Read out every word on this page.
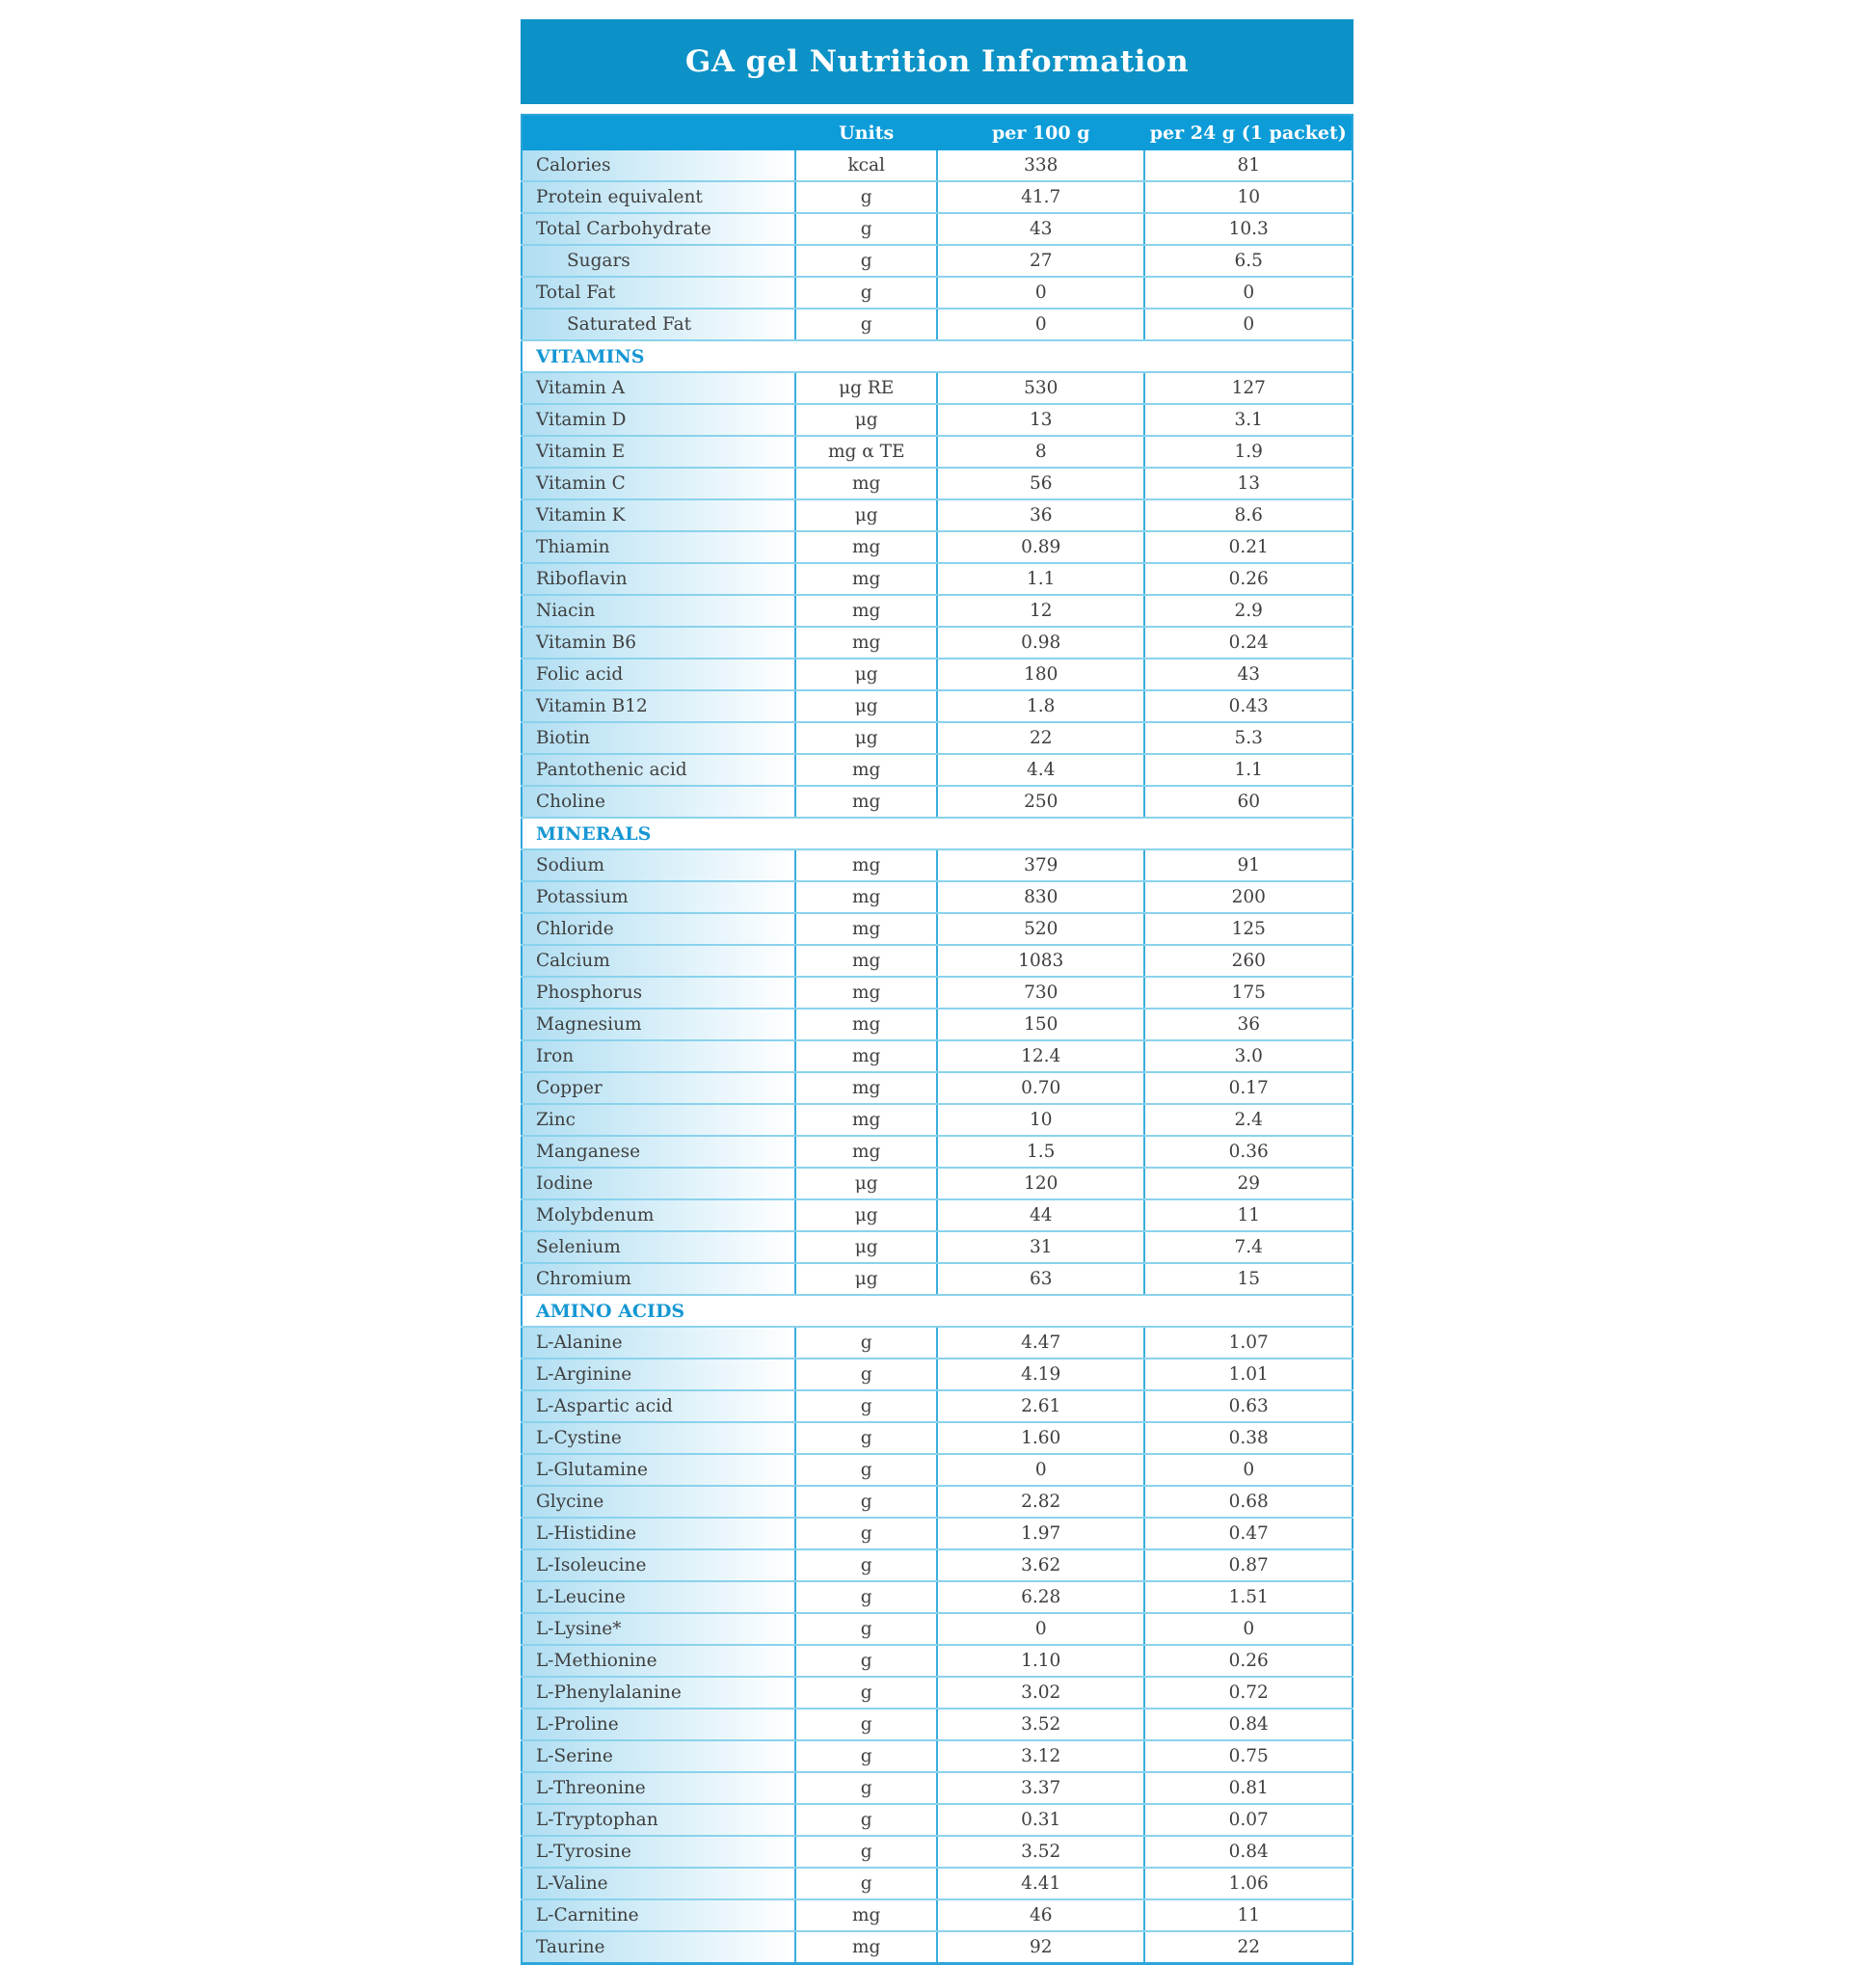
GA gel Nutrition Information
	Units	per 100 g	per 24 g (1 packet)
Calories	kcal	338	81
Protein equivalent	g	41.7	10
Total Carbohydrate	g	43	10.3
Sugars	g	27	6.5
Total Fat	g	0	0
Saturated Fat	g	0	0
VITAMINS			
Vitamin A	μg RE	530	127
Vitamin D	μg	13	3.1
Vitamin E	mg α TE	8	1.9
Vitamin C	mg	56	13
Vitamin K	μg	36	8.6
Thiamin	mg	0.89	0.21
Riboflavin	mg	1.1	0.26
Niacin	mg	12	2.9
Vitamin B6	mg	0.98	0.24
Folic acid	μg	180	43
Vitamin B12	μg	1.8	0.43
Biotin	μg	22	5.3
Pantothenic acid	mg	4.4	1.1
Choline	mg	250	60
MINERALS			
Sodium	mg	379	91
Potassium	mg	830	200
Chloride	mg	520	125
Calcium	mg	1083	260
Phosphorus	mg	730	175
Magnesium	mg	150	36
Iron	mg	12.4	3.0
Copper	mg	0.70	0.17
Zinc	mg	10	2.4
Manganese	mg	1.5	0.36
Iodine	μg	120	29
Molybdenum	μg	44	11
Selenium	μg	31	7.4
Chromium	μg	63	15
AMINO ACIDS			
L-Alanine	g	4.47	1.07
L-Arginine	g	4.19	1.01
L-Aspartic acid	g	2.61	0.63
L-Cystine	g	1.60	0.38
L-Glutamine	g	0	0
Glycine	g	2.82	0.68
L-Histidine	g	1.97	0.47
L-Isoleucine	g	3.62	0.87
L-Leucine	g	6.28	1.51
L-Lysine*	g	0	0
L-Methionine	g	1.10	0.26
L-Phenylalanine	g	3.02	0.72
L-Proline	g	3.52	0.84
L-Serine	g	3.12	0.75
L-Threonine	g	3.37	0.81
L-Tryptophan	g	0.31	0.07
L-Tyrosine	g	3.52	0.84
L-Valine	g	4.41	1.06
L-Carnitine	mg	46	11
Taurine	mg	92	22
